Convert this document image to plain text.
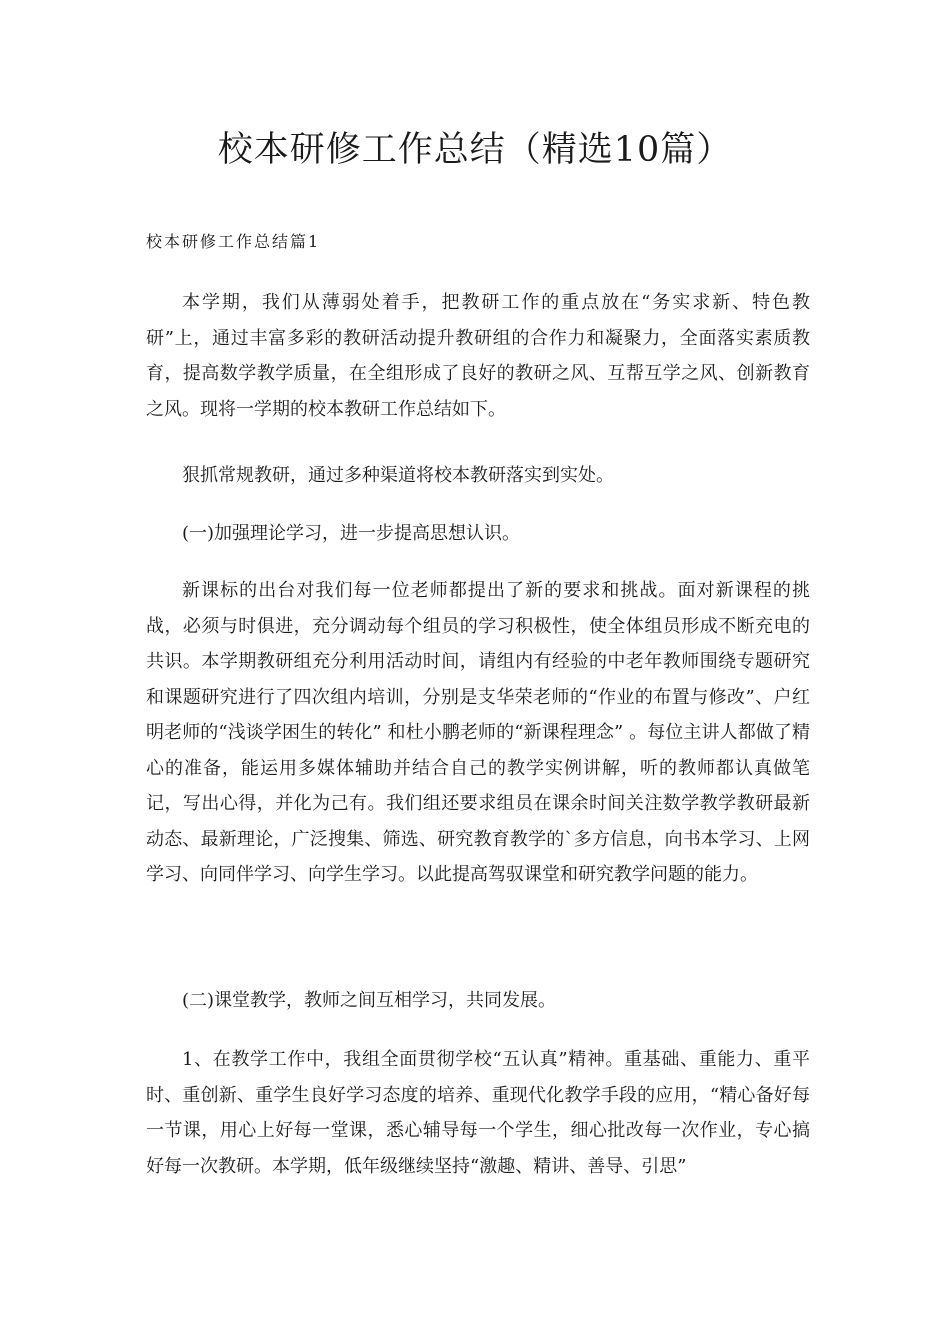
校本研修工作总结（精选10篇）

校本研修工作总结篇1

本学期，我们从薄弱处着手，把教研工作的重点放在“务实求新、特色教研”上，通过丰富多彩的教研活动提升教研组的合作力和凝聚力，全面落实素质教育，提高数学教学质量，在全组形成了良好的教研之风、互帮互学之风、创新教育之风。现将一学期的校本教研工作总结如下。

狠抓常规教研，通过多种渠道将校本教研落实到实处。

(一)加强理论学习，进一步提高思想认识。

新课标的出台对我们每一位老师都提出了新的要求和挑战。面对新课程的挑战，必须与时俱进，充分调动每个组员的学习积极性，使全体组员形成不断充电的共识。本学期教研组充分利用活动时间，请组内有经验的中老年教师围绕专题研究和课题研究进行了四次组内培训，分别是支华荣老师的“作业的布置与修改”、户红明老师的“浅谈学困生的转化” 和杜小鹏老师的“新课程理念” 。每位主讲人都做了精心的准备，能运用多媒体辅助并结合自己的教学实例讲解，听的教师都认真做笔记，写出心得，并化为己有。我们组还要求组员在课余时间关注数学教学教研最新动态、最新理论，广泛搜集、筛选、研究教育教学的`多方信息，向书本学习、上网学习、向同伴学习、向学生学习。以此提高驾驭课堂和研究教学问题的能力。

(二)课堂教学，教师之间互相学习，共同发展。

1、在教学工作中，我组全面贯彻学校“五认真”精神。重基础、重能力、重平时、重创新、重学生良好学习态度的培养、重现代化教学手段的应用，“精心备好每一节课，用心上好每一堂课，悉心辅导每一个学生，细心批改每一次作业，专心搞好每一次教研。本学期，低年级继续坚持“激趣、精讲、善导、引思”
